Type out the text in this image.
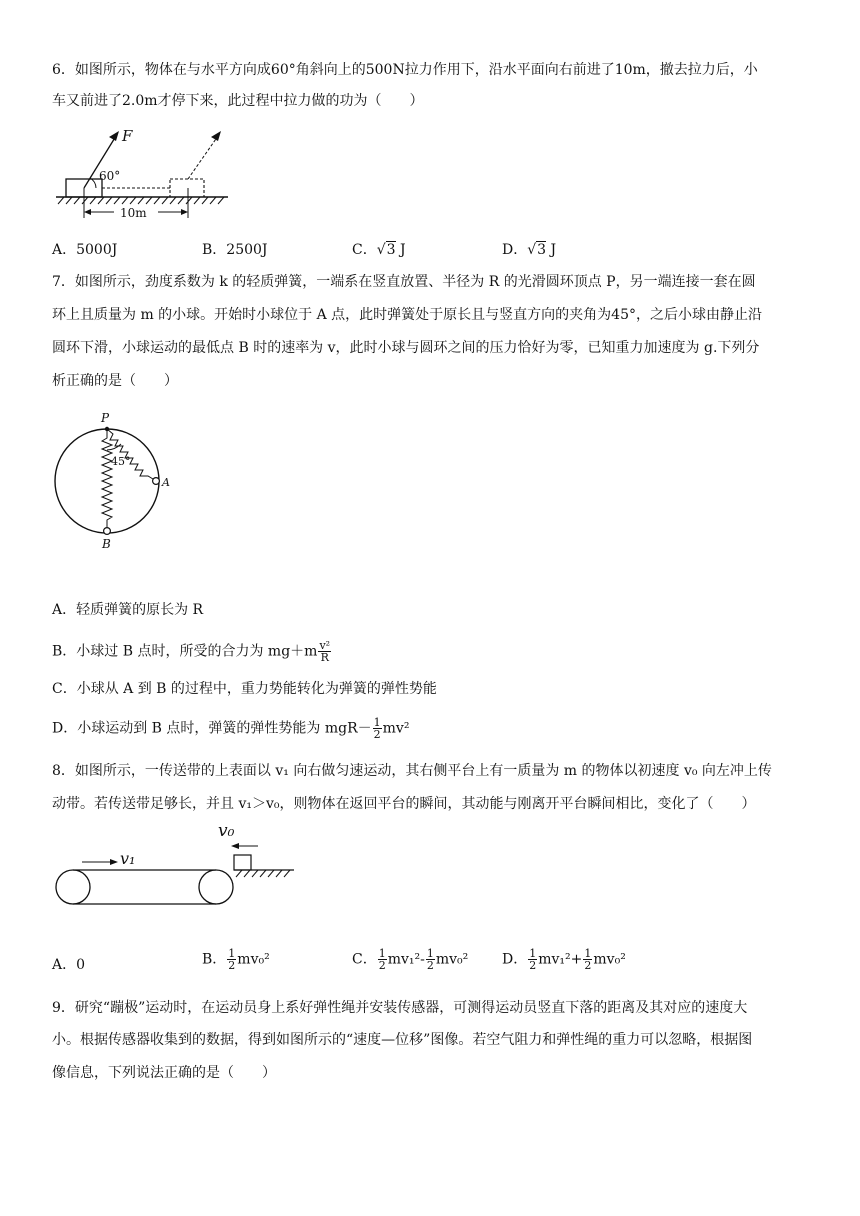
6．如图所示，物体在与水平方向成60°角斜向上的500N拉力作用下，沿水平面向右前进了10m，撤去拉力后，小
车又前进了2.0m才停下来，此过程中拉力做的功为（　　）
F
60°
10m
A．5000J	B．2500J	C．√3 J	D．√3 J
7．如图所示，劲度系数为 k 的轻质弹簧，一端系在竖直放置、半径为 R 的光滑圆环顶点 P，另一端连接一套在圆
环上且质量为 m 的小球。开始时小球位于 A 点，此时弹簧处于原长且与竖直方向的夹角为45°，之后小球由静止沿
圆环下滑，小球运动的最低点 B 时的速率为 v，此时小球与圆环之间的压力恰好为零，已知重力加速度为 g.下列分
析正确的是（　　）
45°
P
A
B
A．轻质弹簧的原长为 R
B．小球过 B 点时，所受的合力为 $mg+m \frac{\text{v²}}{R}$
C．小球从 A 到 B 的过程中，重力势能转化为弹簧的弹性势能
D．小球运动到 B 点时，弹簧的弹性势能为 $mgR- \frac{1}{2} mv^2$
8．如图所示，一传送带的上表面以 v₁ 向右做匀速运动，其右侧平台上有一质量为 m 的物体以初速度 v₀ 向左冲上传
动带。若传送带足够长，并且 v₁＞v₀，则物体在返回平台的瞬间，其动能与刚离开平台瞬间相比，变化了（　　）
v₁
v₀
A．0	B． $\frac{1}{2} mv_0^2$	C． $\frac{1}{2} mv_1^2- \frac{1}{2} mv_0^2$ D． $\frac{1}{2} mv_1^2+ \frac{1}{2} mv_0^2$
9．研究“蹦极”运动时，在运动员身上系好弹性绳并安装传感器，可测得运动员竖直下落的距离及其对应的速度大
小。根据传感器收集到的数据，得到如图所示的“速度—位移”图像。若空气阻力和弹性绳的重力可以忽略，根据图
像信息，下列说法正确的是（　　）
